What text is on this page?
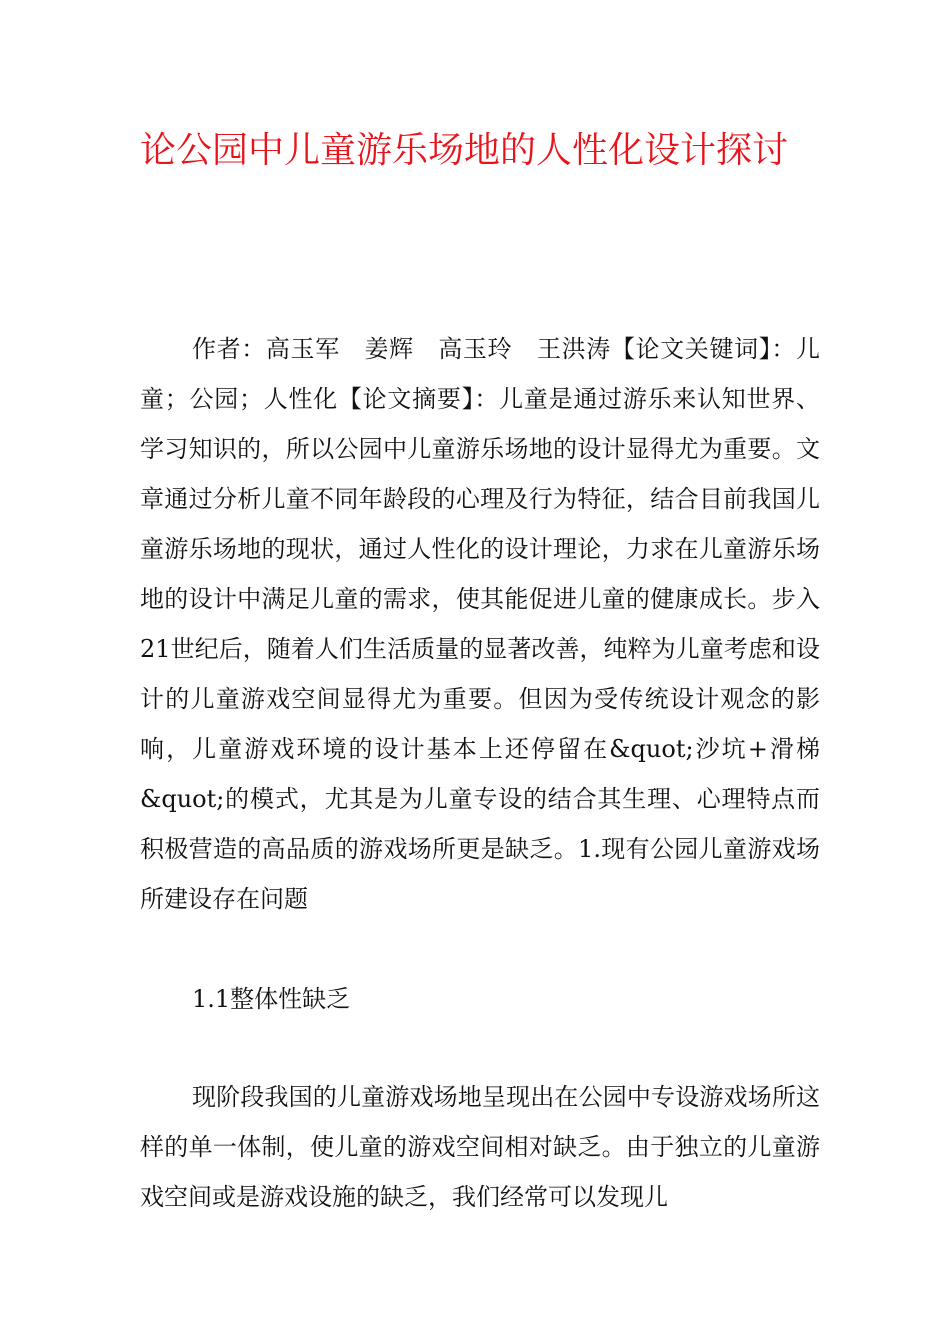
论公园中儿童游乐场地的人性化设计探讨

作者：高玉军　姜辉　高玉玲　王洪涛【论文关键词】：儿童；公园；人性化【论文摘要】：儿童是通过游乐来认知世界、学习知识的，所以公园中儿童游乐场地的设计显得尤为重要。文章通过分析儿童不同年龄段的心理及行为特征，结合目前我国儿童游乐场地的现状，通过人性化的设计理论，力求在儿童游乐场地的设计中满足儿童的需求，使其能促进儿童的健康成长。步入21世纪后，随着人们生活质量的显著改善，纯粹为儿童考虑和设计的儿童游戏空间显得尤为重要。但因为受传统设计观念的影响，儿童游戏环境的设计基本上还停留在&quot;沙坑+滑梯&quot;的模式，尤其是为儿童专设的结合其生理、心理特点而积极营造的高品质的游戏场所更是缺乏。1.现有公园儿童游戏场所建设存在问题

1.1整体性缺乏

现阶段我国的儿童游戏场地呈现出在公园中专设游戏场所这样的单一体制，使儿童的游戏空间相对缺乏。由于独立的儿童游戏空间或是游戏设施的缺乏，我们经常可以发现儿
